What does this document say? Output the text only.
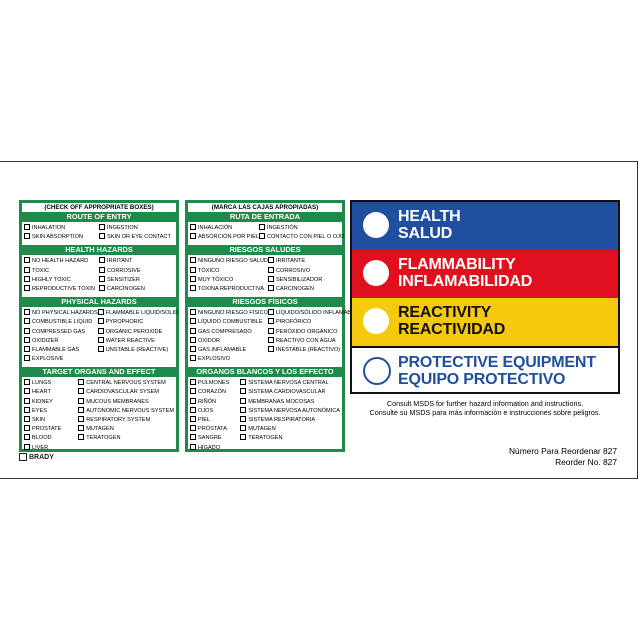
(CHECK OFF APPROPRIATE BOXES)
ROUTE OF ENTRY
INHALATION	INGESTION
SKIN ABSORPTION	SKIN OR EYE CONTACT
HEALTH HAZARDS
NO HEALTH HAZARD	IRRITANT
TOXIC	CORROSIVE
HIGHLY TOXIC	SENSITIZER
REPRODUCTIVE TOXIN	CARCINOGEN
PHYSICAL HAZARDS
NO PHYSICAL HAZARDS	FLAMMABLE LIQUID/SOLID
COMBUSTIBLE LIQUID	PYROPHORIC
COMPRESSED GAS	ORGANIC PEROXIDE
OXIDIZER	WATER REACTIVE
FLAMMABLE GAS	UNSTABLE (REACTIVE)
EXPLOSIVE
TARGET ORGANS AND EFFECT
LUNGS	CENTRAL NERVOUS SYSTEM
HEART	CARDIOVASCULAR SYSEM
KIDNEY	MUCOUS MEMBRANES
EYES	AUTONOMIC NERVOUS SYSTEM
SKIN	RESPIRATORY SYSTEM
PROSTATE	MUTAGEN
BLOOD	TERATOGEN
LIVER
(MARCA LAS CAJAS APROPIADAS)
RUTA DE ENTRADA
INHALACIÓN	INGESTIÓN
ABSORCIÓN POR PIEL	CONTACTO CON PIEL O OJO
RIESGOS SALUDES
NINGUNO RIESGO SALUD	IRRITANTE
TÓXICO	CORROSIVO
MUY TÓXICO	SENSIBILIZADOR
TOXINA REPRODUCTIVA	CARCINOGEN
RIESGOS FÍSICOS
NINGUNO RIESGO FÍSICO	LÍQUIDO/SÓLIDO INFLAMAB
LÍQUIDO COMBUSTIBLE	PIROFÓRICO
GAS COMPRESADO	PERÓXIDO ORGÁNICO
OXIDOR	REACTIVO CON AGUA
GAS INFLAMABLE	INESTABLE (REACTIVO)
EXPLOSIVO
ORGANOS BLANCOS Y LOS EFFECTO
PULMONES	SISTEMA NERVOSA CENTRAL
CORAZÓN	SISTEMA CARDIOVASCULAR
RIÑÓN	MEMBRANAS MOCOSAS
OJOS	SISTEMA NERVOSA AUTONÓMICA
PIEL	SISTEMA RESPIRATORIA
PRÓSTATA	MUTAGEN
SANGRE	TERATOGEN
HÍGADO
BRADY
HEALTH
SALUD
FLAMMABILITY
INFLAMABILIDAD
REACTIVITY
REACTIVIDAD
PROTECTIVE EQUIPMENT
EQUIPO PROTECTIVO
Consult MSDS for further hazard information and instructions.
Consulte su MSDS para más información e instrucciones sobre peligros.
Número Para Reordenar 827
Reorder No. 827
